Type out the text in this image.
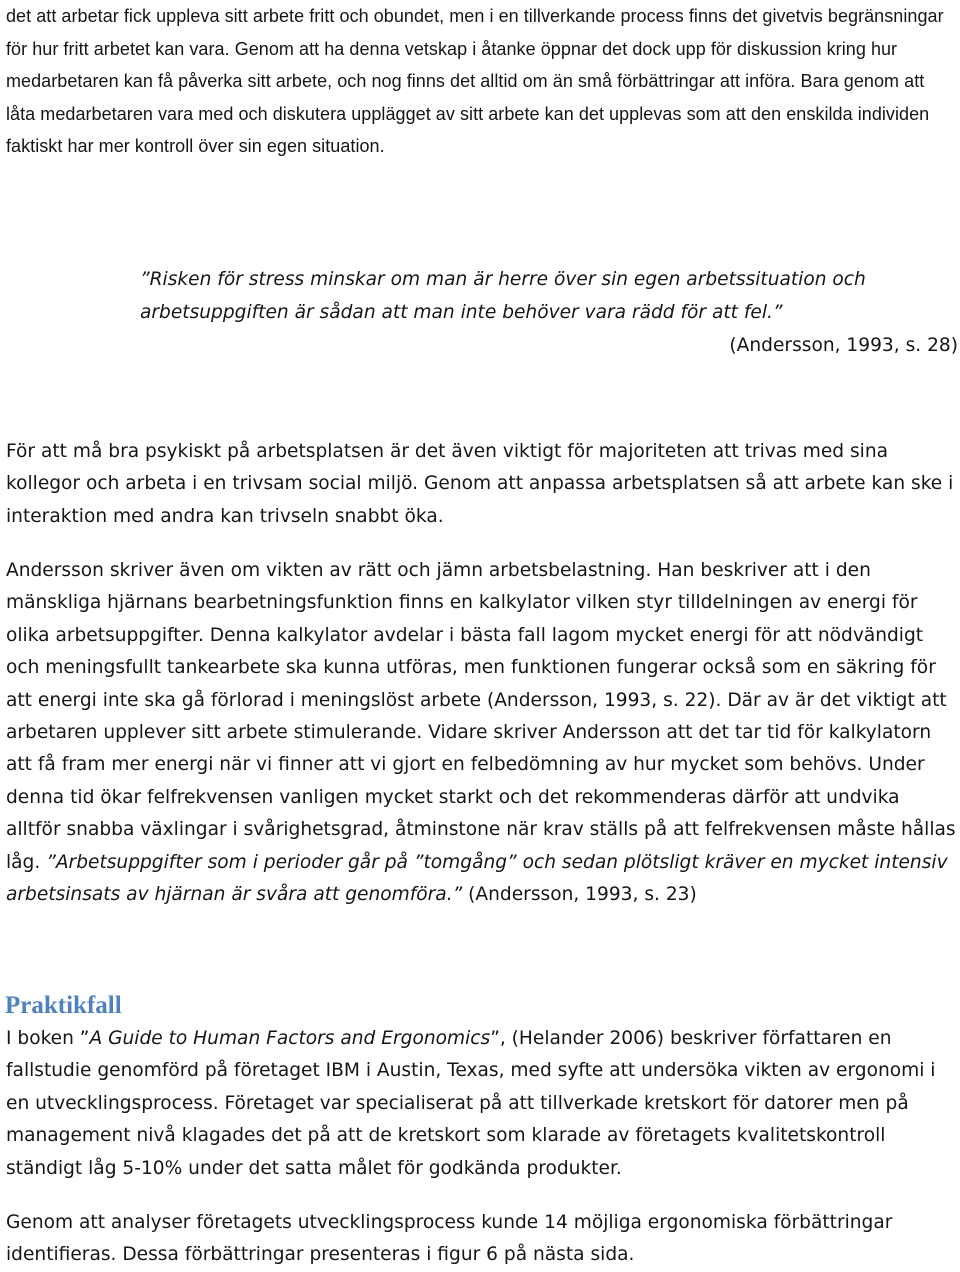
det att arbetar fick uppleva sitt arbete fritt och obundet, men i en tillverkande process finns det givetvis begränsningar för hur fritt arbetet kan vara. Genom att ha denna vetskap i åtanke öppnar det dock upp för diskussion kring hur medarbetaren kan få påverka sitt arbete, och nog finns det alltid om än små förbättringar att införa. Bara genom att låta medarbetaren vara med och diskutera upplägget av sitt arbete kan det upplevas som att den enskilda individen faktiskt har mer kontroll över sin egen situation.

”Risken för stress minskar om man är herre över sin egen arbetssituation och arbetsuppgiften är sådan att man inte behöver vara rädd för att fel.”

(Andersson, 1993, s. 28)

För att må bra psykiskt på arbetsplatsen är det även viktigt för majoriteten att trivas med sina kollegor och arbeta i en trivsam social miljö. Genom att anpassa arbetsplatsen så att arbete kan ske i interaktion med andra kan trivseln snabbt öka.

Andersson skriver även om vikten av rätt och jämn arbetsbelastning. Han beskriver att i den mänskliga hjärnans bearbetningsfunktion finns en kalkylator vilken styr tilldelningen av energi för olika arbetsuppgifter. Denna kalkylator avdelar i bästa fall lagom mycket energi för att nödvändigt och meningsfullt tankearbete ska kunna utföras, men funktionen fungerar också som en säkring för att energi inte ska gå förlorad i meningslöst arbete (Andersson, 1993, s. 22). Där av är det viktigt att arbetaren upplever sitt arbete stimulerande. Vidare skriver Andersson att det tar tid för kalkylatorn att få fram mer energi när vi finner att vi gjort en felbedömning av hur mycket som behövs. Under denna tid ökar felfrekvensen vanligen mycket starkt och det rekommenderas därför att undvika alltför snabba växlingar i svårighetsgrad, åtminstone när krav ställs på att felfrekvensen måste hållas låg. ”Arbetsuppgifter som i perioder går på ”tomgång” och sedan plötsligt kräver en mycket intensiv arbetsinsats av hjärnan är svåra att genomföra.” (Andersson, 1993, s. 23)

Praktikfall

I boken ”A Guide to Human Factors and Ergonomics”, (Helander 2006) beskriver författaren en fallstudie genomförd på företaget IBM i Austin, Texas, med syfte att undersöka vikten av ergonomi i en utvecklingsprocess. Företaget var specialiserat på att tillverkade kretskort för datorer men på management nivå klagades det på att de kretskort som klarade av företagets kvalitetskontroll ständigt låg 5-10% under det satta målet för godkända produkter.

Genom att analyser företagets utvecklingsprocess kunde 14 möjliga ergonomiska förbättringar identifieras. Dessa förbättringar presenteras i figur 6 på nästa sida.
